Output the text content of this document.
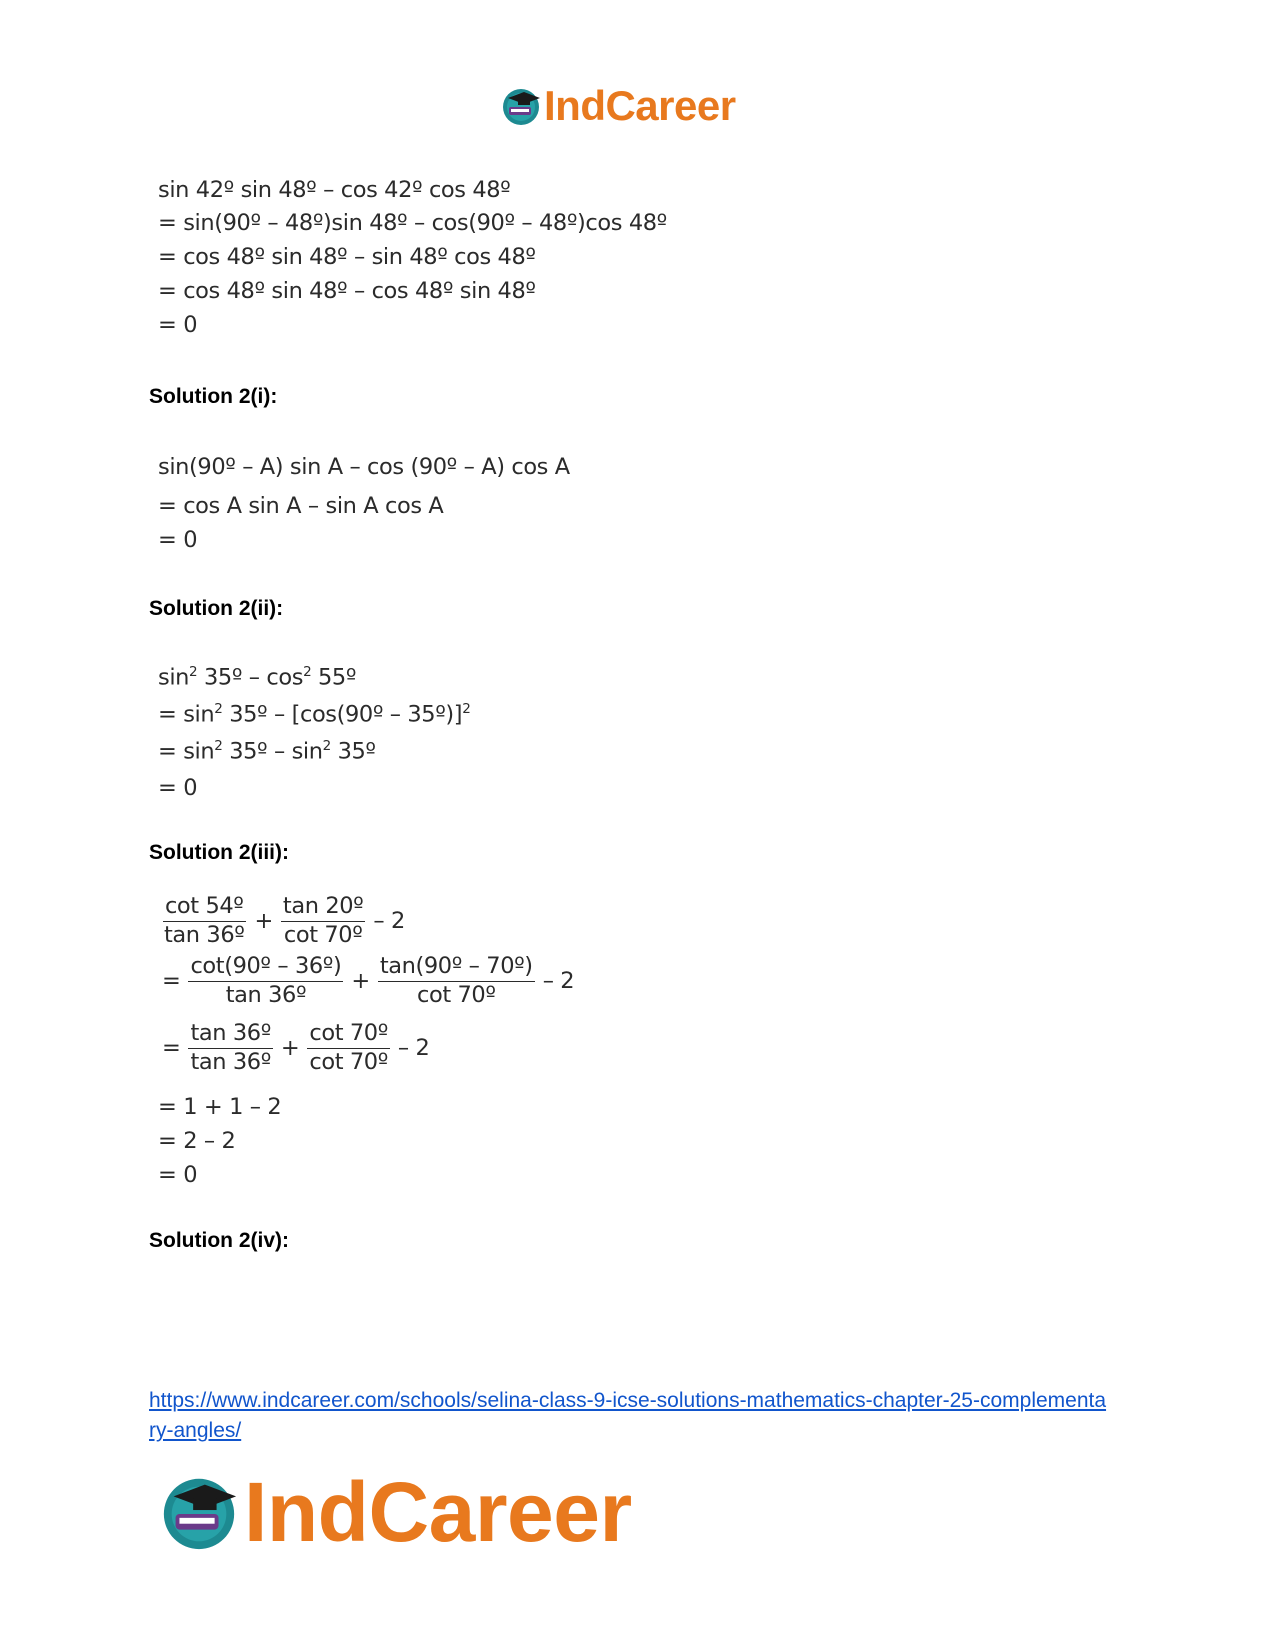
IndCareer
sin 42º sin 48º – cos 42º cos 48º
= sin(90º – 48º)sin 48º – cos(90º – 48º)cos 48º
= cos 48º sin 48º – sin 48º cos 48º
= cos 48º sin 48º – cos 48º sin 48º
= 0
Solution 2(i):
sin(90º – A) sin A – cos (90º – A) cos A
= cos A sin A – sin A cos A
= 0
Solution 2(ii):
$\sin^2$ 35º – $\cos^2$ 55º
= $\sin^2$ 35º – [cos(90º – 35º)]$^2$
= $\sin^2$ 35º – $\sin^2$ 35º
= 0
Solution 2(iii):
$\frac{\text{cot 54º}}{\text{tan 36º}} + \frac{\text{tan 20º}}{\text{cot 70º}} - 2$
= $\frac{\text{cot(90º – 36º)}}{\text{tan 36º}} + \frac{\text{tan(90º – 70º)}}{\text{cot 70º}} - 2$
= $\frac{\text{tan 36º}}{\text{tan 36º}} + \frac{\text{cot 70º}}{\text{cot 70º}} - 2$
= 1 + 1 – 2
= 2 – 2
= 0
Solution 2(iv):
https://www.indcareer.com/schools/selina-class-9-icse-solutions-mathematics-chapter-25-complementary-angles/
IndCareer
